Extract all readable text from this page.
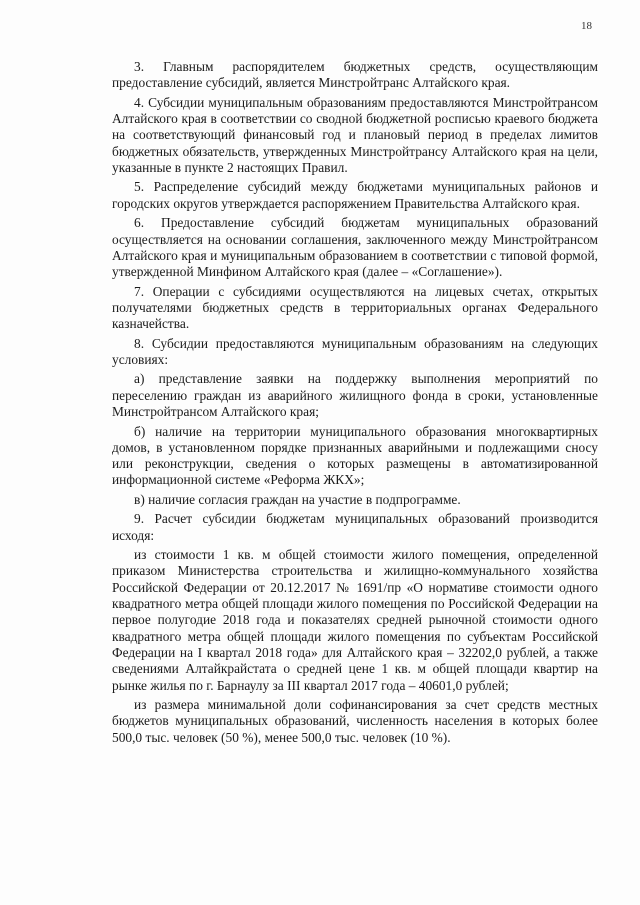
18

3. Главным распорядителем бюджетных средств, осуществляющим предоставление субсидий, является Минстройтранс Алтайского края.

4. Субсидии муниципальным образованиям предоставляются Минстройтрансом Алтайского края в соответствии со сводной бюджетной росписью краевого бюджета на соответствующий финансовый год и плановый период в пределах лимитов бюджетных обязательств, утвержденных Минстройтрансу Алтайского края на цели, указанные в пункте 2 настоящих Правил.

5. Распределение субсидий между бюджетами муниципальных районов и городских округов утверждается распоряжением Правительства Алтайского края.

6. Предоставление субсидий бюджетам муниципальных образований осуществляется на основании соглашения, заключенного между Минстройтрансом Алтайского края и муниципальным образованием в соответствии с типовой формой, утвержденной Минфином Алтайского края (далее – «Соглашение»).

7. Операции с субсидиями осуществляются на лицевых счетах, открытых получателями бюджетных средств в территориальных органах Федерального казначейства.

8. Субсидии предоставляются муниципальным образованиям на следующих условиях:

а) представление заявки на поддержку выполнения мероприятий по переселению граждан из аварийного жилищного фонда в сроки, установленные Минстройтрансом Алтайского края;

б) наличие на территории муниципального образования многоквартирных домов, в установленном порядке признанных аварийными и подлежащими сносу или реконструкции, сведения о которых размещены в автоматизированной информационной системе «Реформа ЖКХ»;

в) наличие согласия граждан на участие в подпрограмме.

9. Расчет субсидии бюджетам муниципальных образований производится исходя:

из стоимости 1 кв. м общей стоимости жилого помещения, определенной приказом Министерства строительства и жилищно-коммунального хозяйства Российской Федерации от 20.12.2017 № 1691/пр «О нормативе стоимости одного квадратного метра общей площади жилого помещения по Российской Федерации на первое полугодие 2018 года и показателях средней рыночной стоимости одного квадратного метра общей площади жилого помещения по субъектам Российской Федерации на I квартал 2018 года» для Алтайского края – 32202,0 рублей, а также сведениями Алтайкрайстата о средней цене 1 кв. м общей площади квартир на рынке жилья по г. Барнаулу за III квартал 2017 года – 40601,0 рублей;

из размера минимальной доли софинансирования за счет средств местных бюджетов муниципальных образований, численность населения в которых более 500,0 тыс. человек (50 %), менее 500,0 тыс. человек (10 %).
